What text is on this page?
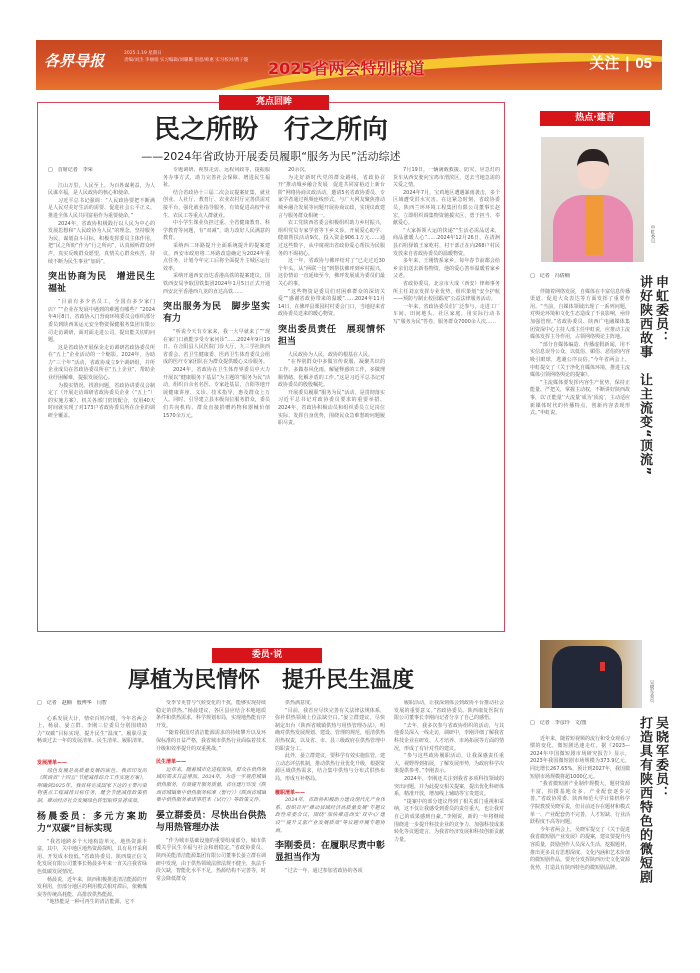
各界导报	2025.1.19 星期日
责编/刘杰 李丽娟 实习编辑/刘璐璐 创意/师惠 实习校对/黄子璇 2025省两会特别报道	关注 | 05
亮点回眸
民之所盼　行之所向
——2024年省政协开展委员履职“服务为民”活动综述

□　首席记者　李荣

江山万里，人民至上。为百姓谋利益，为人民谋幸福，是人民政协的核心和使命。

习近平总书记强调：“人民政协要把不断满足人民对美好生活的需要、促进社会公平正义、推进全体人民共同富裕作为重要使命。”

2024年，省政协积极践行以人民为中心的发展思想和“人民政协为人民”的理念，坚持服务为民，谋划奋斗目标，积极发挥委员主体作用，把“民之所盼”作为“行之所向”，认真倾听群众呼声，真实反映群众愿望，真情关心群众疾苦，持续不断为民生事业“加码”。

突出协商为民　增进民生福祉

“目前有多少名员工，全国有多少家门店？”“企业在发展中遇到的难题有哪些？”2024年4月8日，省政协入门营商环境委员会组织部分委员到陕西某运元安全物资保健服务集团有限公司走访调研，面对面走进公司，提出能关切的问题。

这是省政协开展保企走访调研省政协委员所在“五上”企业活动的一个缩影。2024年，为助力“三个年”活动，省政协成立9个调研组，并所企业成员在省政协委员所在“五上企业”，帮助企业纾困解难，提振发展信心。

为摸实情况、找准问题，省政协讲委员会制定了《开展走访调研省政协委员企业（“五上”）的实施方案》，机关各部门密切配合，仅用40天时间就实现了对173户省政协委员所在企业的调研全覆盖。

专题调研、视察走访、远程问政等，提振服务办事方式，助力完善社会保障、增进民生福祉。

结合省政协十三届二次会议提案征集，就业创业、人社厅、教育厅、农业农村厅完善供需对接平台，强化就业指导服务，有效促进高校毕业生、农民工等重点人群就业。

中小学生课业负担过重、全省健康教育、科学教育等问题，有“双减”，助力改好人民满意的教育。

采纳西二环路提升全面系统提升的提案建议，西安市政府将二环路改造确定为2024年重点任务，计划今年完工后将全面提升主城区运行效率。

采纳开通西安直达香港高铁的提案建议，国铁西安局争取国铁集团2024年1月5日正式开通西安北至香港西九龙的直达高铁……

突出服务为民　脚步坚实有力

“听说今天有专家来，我一大早就来了”“现在家门口就能享受专家问诊”……2024年9月19日，在合阳县人民医院门诊大厅，九三学社陕西省委会、省卫生健康委、医药卫生体育委员会组成的医疗专家团队在为群众提供暖心义诊服务。

2024年，省政协在卫生体育界委员中大力开展以“健康服务下基层”为主题的“服务为民”活动，组织百余名名医、专家赴基层，合阳等地开展健康讲座、义诊、技术指导，惠及群众上万人。同时，引导建立县本级岗位服务群众，委员们共向机构、群众直接捐赠药物和器械价值1570余万元。

20余次。

为走好新时代党的群众路线，省政协召开“推动城乡融合发展　促进共同富裕迈上新台阶”网络协商议政活动，邀请5名省政协委员、专家学者通过视频连线形式，与广大网友聚焦推动城乡融合发展等问题开展协商议政，实现议政建言与服务群众相统一。

农工党陕西省委会积极组织助力乡村振兴，组织党员专家学者等下乡义诊，开展爱心助学、健康帮扶活动9次，投入资金906.1万元……通过这些数字，从中窥视出省政协爱心帮扶为民服务的不竭初心。

这一年，省政协与佛坪结对了“已走过近30个年头。从“两联一包”到帮扶佛坪到乡村振兴，这份情谊一直延续至今，佛坪发展成为委员们最关心的事。

“这些物资是委员们对困难群众的深切关爱”“感谢省政协带来的温暖”……2024年11月14日，在佛坪县栗园村村委会门口，当地迎来省政协委员送来的暖心物资。

突出委员责任　展现情怀担当

人民政协为人民，政协的根基在人民。

“在界别群众中多做宣传说服、凝聚共识的工作，多做春风化雨、解疑释惑的工作，多做理顺情绪、化解矛盾的工作。”这是习近平总书记对政协委员的殷殷嘱托。

开展委员履职“服务为民”活动，是贯彻落实习近平总书记对政协委员要求的重要举措。2024年，省政协积极动员和组织委员立足岗位实际，发挥自身优势，围绕民众急难愁盼问题履职尽责。

7月19日，一辆满载救援、防灾、应急灯的货车从西安驶向宝鸡市渭滨区，送去当地急需的关爱之情。

2024年7月，宝鸡地区遭遇暴雨袭击，多个区域遭受洪水灾害。在这紧急时刻，省政协委员，陕西兰环环境工程集团有限公司董事长赵宏，立即组织调集物资驰援灾区，勇于担当、奉献爱心。

“大家拆领大运的快递”“生活必需品送来，商品涨暖人心”……2024年12月26日，在清涧县石咀驿镇王家屹村，村干部正在向268户村民发放来自省政协委员的温暖物资。

多年来，王刚情系家乡，每年春节前都会给乡亲们送去新春物资，他的爱心善举温暖着家乡父老。

省政协委员、北京市大成（西安）律师事务所主任刘京发挥专业优势，组织策划“安全护航——预防与制止校园霸凌”公益法律服务活动。

一年来，省政协委员们广泛参与，走进工厂车间、田间地头、社区家庭，用实际行动书写“服务为民”答卷，服务群众7000余人次……

热点·建言
申虹委员
申虹委员：
讲好陕西故事　让主流变“顶流”

□　记者　冯倩楠

伴随着网络发展，自媒体在丰富信息传播渠道、促进大众表达等方面发挥了重要作用。“当前，自媒体领域出现了一系列问题，对舆论环境和文化生态造成了不良影响，亟待加强管理。”省政协委员、陕西广电融媒体集团资深中心主持人部主任申虹说，应推动主流媒体发挥主导作用，占领网络舆论主阵地。

“部分自媒体编造、传播虚假新闻，用不实信息误导公众，以低俗、媚俗、恶俗的内容吸引眼球，逃避公序良俗。”今年省两会上，申虹提交了《关于净化自媒体环境，推进主流媒体引领网络舆论的提案》。

“主流媒体要发挥内容生产优势，保持正能量、严把关，掌握主动权，不断讲好陕西故事，以‘正能量’‘大流量’成为‘顶流’，主动适应新媒体时代的传播特点，创新内容表现形式。”申虹说。

委员·说
厚植为民情怀　提升民生温度

□　记者　赵楠　殷博华　闫智

心系发展大计，情牵百姓冷暖。今年省两会上，杨晨、晏立群、李刚三位委员分别围绕助力“双碳”目标实现、提升民生“温度”，履职尽责畅谈过去一年的发展清单、民生清单、履职清单。

发展清单——

绿色发展是高质量发展的底色。我省印发的《陕西省“十四五”节能减排综合工作实施方案》，明确到2025年，我省将完成国家下达的主要污染物重点工程减排目标任务，健全节能减排政策机制，推动经济社会发展绿色转型取得显著成效。

杨晨委员：多元方案助力“双碳”目标实现

“我省地跨多个大地构造单元，地热资源丰富，其中，关中地区地热资源探明，具有易开采利用、开发成本较低。”省政协委员、陕西瑞正信文化发展有限公司董事长杨晨多年来一直关注我省绿色低碳发展情况。

杨晨说，近年来，陕西积极推进清洁能源的开发利用，但部分地区的利用模式相对滞后，依赖煤炭等传统高耗能、高排放供热能源。

“地热能是一种可再生的清洁能源，它不

受季节更替与气候变化的干扰，能够实现持续稳定的供热。”杨晨建议，各区县应结合本地地质条件和供热需求，科学规划布局，实现地热能有序开发。

“随着我国对清洁能源需求的持续攀升以及环保标准的日益严格，我省城市供热行业面临着技术升级和效率提升的双重挑战。”

民生清单——

近年来，随着城市化进程加快，群众在供热领域的需求日益增加。2024年，为进一步规范城镇供热服务，有效提升服务质量，省住建厅印发《陕西省城镇集中供热服务标准（暂行）》《陕西省城镇集中供热服务承诺事范本（试行）》等政策文件。

晏立群委员：尽快出台供热与用热管理办法

“作为城市基础设施的重要组成部分，城市供暖关乎民生幸福与社会和谐稳定。”省政协委员、陕西美能清洁能源集团有限公司董事长晏立群在调研中发现，由于供热领域法律法规不健全，执法手段欠缺，智能化水平不足，热源结构不完善等，时常会降低群众

供热满意度。

“目前，我省应尽快完善有关法律法规体系，弥补供热领域上位法缺空白。”晏立群建议，尽快制定出台《陕西省城镇供热与用热管理办法》，明确对供热发展规划、建设、管理的规范，厘清供热用热权责，以及省、市、县三级政府在供热管理中的职责分工。

此外，晏立群建议，要科学有效实施监管，建立动态评估机制，推动供热行业优化升级，根据资源区域供热需求，结合集中供热与分布式供热布局，形成互补格局。

履职清单——

2024年，省政协积极助力建设现代化产业体系，组织召开“推动县域经济高质量发展”专题议政性常委会议，围绕“加快推进西安‘双中心’建设”“提升文旅产业发展质效”等议题开展专题协商。

李刚委员：在履职尽责中彰显担当作为

“过去一年，通过参加省政协的各项

履职活动，让我深刻体会到政协平台推动社会发展的重要意义。”省政协委员、陕西康复医院有限公司董事长李刚向记者分享了自己的感悟。

“去年，我多次参与省政协组织的活动，与其他委员深入一线走访，调研中，李刚详细了解我省科技企业在研发、人才培养、市场拓展等方面的情况，形成了有针对性的建议。

“参与这些政协履职活动，让我深感责任重大，视野得到拓展，了解发展形势，为政府科学决策提供参考。”李刚表示。

2024年，李刚还关注到我省多项科技领域的突出问题，并为此提交相关提案，提出优化科研体系，精准开放，增加线上辅助等宝贵建议。

“提案中的部分建议得到了相关部门重视和采纳，这不仅让我感受到委员的责任重大，也让我对自己的成果感到自豪。”李刚说，新的一年将继续围绕进一步提升科技企业的竞争力、加强科技成果转化等议题建言，为我省经济发展和科技创新贡献力量。

吴晓军委员
吴晓军委员：
打造具有陕西特色的微短剧

□　记者　李彦玲　文/图

近年来，随着短视频的流行和受众观看习惯的变化，微短剧迅速走红。据《2023—2024年中国微短剧市场研究报告》显示，2023年我国微短剧市场规模为373.9亿元，同比增长267.65%，预计到2027年，我国微短剧市场规模将超1000亿元。

“我省微短剧产业制作规模大，题材资源丰富，拍摄基地众多，产业配套逐步完善。”省政协常委、陕西师范大学计算机科学学院教授吴晓军说，但目前还存在题材和模式单一、产业配套仍不完善，人才短缺、行业活跃程度不高等问题。

今年省两会上，吴晓军提交了《关于促进我省微短剧产业发展》的提案，建议要提升内容质量，鼓励创作人员深入生活，挖掘题材，推出更多具有思想深度、文化内涵和艺术价值的微短剧作品。要充分发挥陕西历史文化资源优势，打造具有陕西特色的微短剧品牌。
